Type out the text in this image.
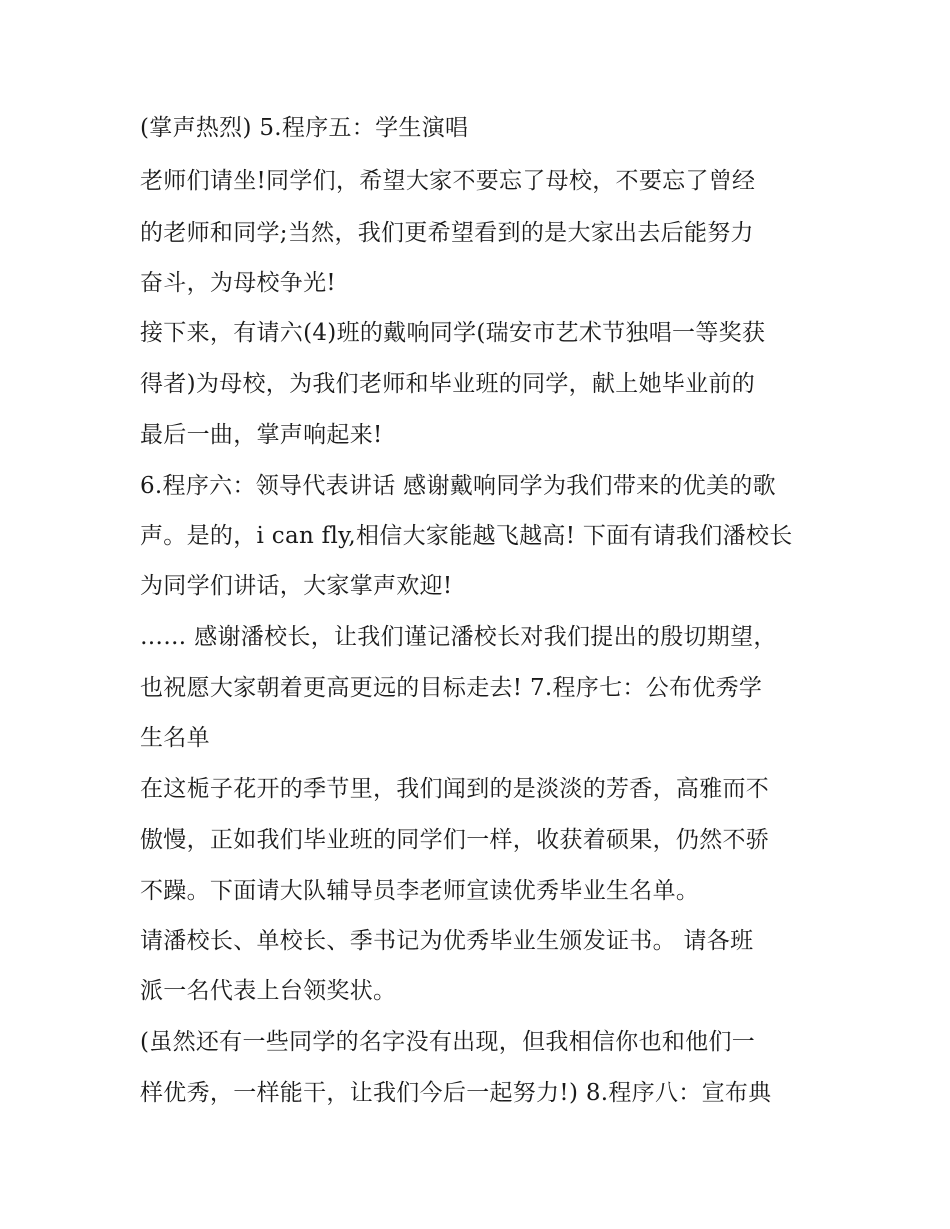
(掌声热烈) 5.程序五：学生演唱
老师们请坐!同学们，希望大家不要忘了母校，不要忘了曾经
的老师和同学;当然，我们更希望看到的是大家出去后能努力
奋斗，为母校争光!
接下来，有请六(4)班的戴响同学(瑞安市艺术节独唱一等奖获
得者)为母校，为我们老师和毕业班的同学，献上她毕业前的
最后一曲，掌声响起来!
6.程序六：领导代表讲话 感谢戴响同学为我们带来的优美的歌
声。是的，i can fly,相信大家能越飞越高! 下面有请我们潘校长
为同学们讲话，大家掌声欢迎!
…… 感谢潘校长，让我们谨记潘校长对我们提出的殷切期望，
也祝愿大家朝着更高更远的目标走去! 7.程序七：公布优秀学
生名单
在这栀子花开的季节里，我们闻到的是淡淡的芳香，高雅而不
傲慢，正如我们毕业班的同学们一样，收获着硕果，仍然不骄
不躁。下面请大队辅导员李老师宣读优秀毕业生名单。
请潘校长、单校长、季书记为优秀毕业生颁发证书。 请各班
派一名代表上台领奖状。
(虽然还有一些同学的名字没有出现，但我相信你也和他们一
样优秀，一样能干，让我们今后一起努力!) 8.程序八：宣布典
